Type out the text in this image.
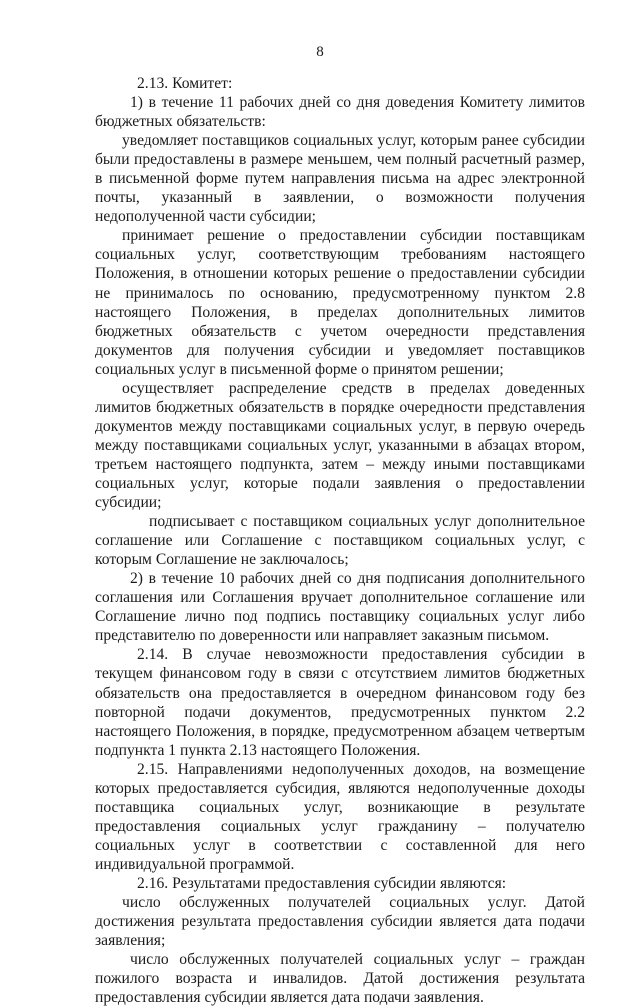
8

2.13. Комитет:

1) в течение 11 рабочих дней со дня доведения Комитету лимитов бюджетных обязательств:

уведомляет поставщиков социальных услуг, которым ранее субсидии были предоставлены в размере меньшем, чем полный расчетный размер, в письменной форме путем направления письма на адрес электронной почты, указанный в заявлении, о возможности получения недополученной части субсидии;

принимает решение о предоставлении субсидии поставщикам социальных услуг, соответствующим требованиям настоящего Положения, в отношении которых решение о предоставлении субсидии не принималось по основанию, предусмотренному пунктом 2.8 настоящего Положения, в пределах дополнительных лимитов бюджетных обязательств с учетом очередности представления документов для получения субсидии и уведомляет поставщиков социальных услуг в письменной форме о принятом решении;

осуществляет распределение средств в пределах доведенных лимитов бюджетных обязательств в порядке очередности представления документов между поставщиками социальных услуг, в первую очередь между поставщиками социальных услуг, указанными в абзацах втором, третьем настоящего подпункта, затем – между иными поставщиками социальных услуг, которые подали заявления о предоставлении субсидии;

подписывает с поставщиком социальных услуг дополнительное соглашение или Соглашение с поставщиком социальных услуг, с которым Соглашение не заключалось;

2) в течение 10 рабочих дней со дня подписания дополнительного соглашения или Соглашения вручает дополнительное соглашение или Соглашение лично под подпись поставщику социальных услуг либо представителю по доверенности или направляет заказным письмом.

2.14. В случае невозможности предоставления субсидии в текущем финансовом году в связи с отсутствием лимитов бюджетных обязательств она предоставляется в очередном финансовом году без повторной подачи документов, предусмотренных пунктом 2.2 настоящего Положения, в порядке, предусмотренном абзацем четвертым подпункта 1 пункта 2.13 настоящего Положения.

2.15. Направлениями недополученных доходов, на возмещение которых предоставляется субсидия, являются недополученные доходы поставщика социальных услуг, возникающие в результате предоставления социальных услуг гражданину – получателю социальных услуг в соответствии с составленной для него индивидуальной программой.

2.16. Результатами предоставления субсидии являются:

число обслуженных получателей социальных услуг. Датой достижения результата предоставления субсидии является дата подачи заявления;

число обслуженных получателей социальных услуг – граждан пожилого возраста и инвалидов. Датой достижения результата предоставления субсидии является дата подачи заявления.
